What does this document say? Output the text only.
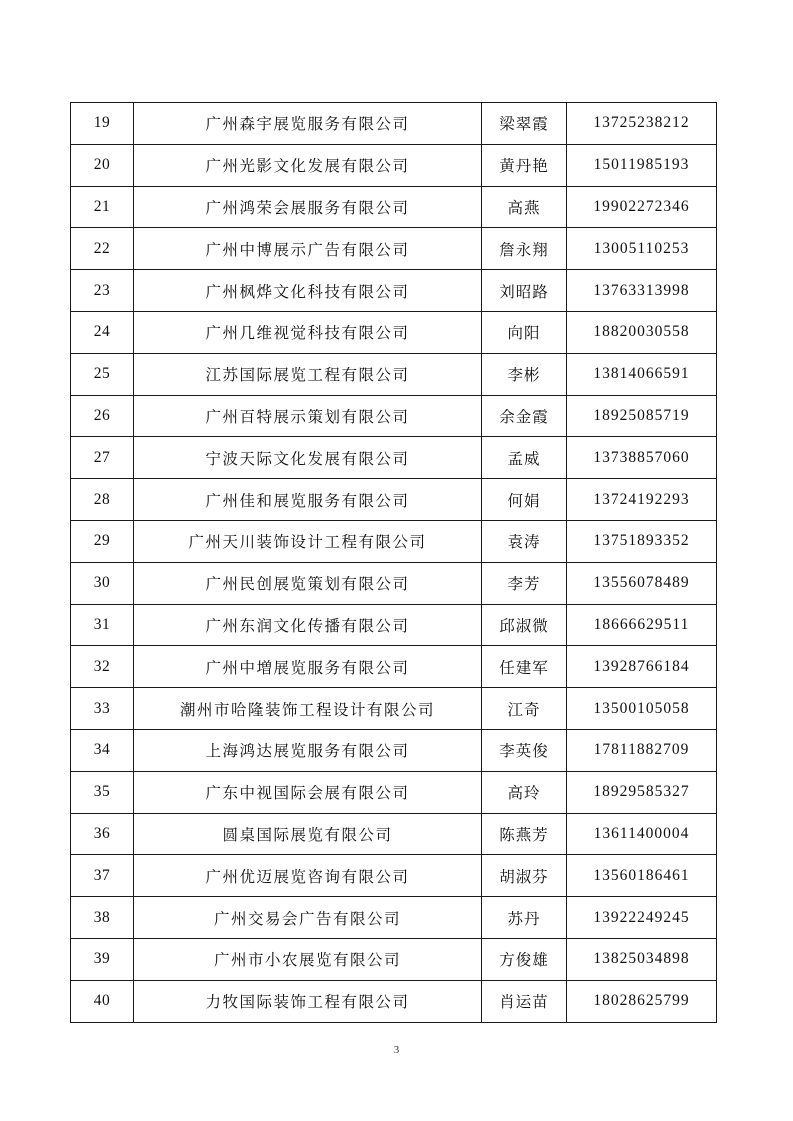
19	广州森宇展览服务有限公司	梁翠霞	13725238212
20	广州光影文化发展有限公司	黄丹艳	15011985193
21	广州鸿荣会展服务有限公司	高燕	19902272346
22	广州中博展示广告有限公司	詹永翔	13005110253
23	广州枫烨文化科技有限公司	刘昭路	13763313998
24	广州几维视觉科技有限公司	向阳	18820030558
25	江苏国际展览工程有限公司	李彬	13814066591
26	广州百特展示策划有限公司	余金霞	18925085719
27	宁波天际文化发展有限公司	孟威	13738857060
28	广州佳和展览服务有限公司	何娟	13724192293
29	广州天川装饰设计工程有限公司	袁涛	13751893352
30	广州民创展览策划有限公司	李芳	13556078489
31	广州东润文化传播有限公司	邱淑微	18666629511
32	广州中増展览服务有限公司	任建军	13928766184
33	潮州市哈隆装饰工程设计有限公司	江奇	13500105058
34	上海鸿达展览服务有限公司	李英俊	17811882709
35	广东中视国际会展有限公司	高玲	18929585327
36	圆桌国际展览有限公司	陈燕芳	13611400004
37	广州优迈展览咨询有限公司	胡淑芬	13560186461
38	广州交易会广告有限公司	苏丹	13922249245
39	广州市小农展览有限公司	方俊雄	13825034898
40	力牧国际装饰工程有限公司	肖运苗	18028625799
3
